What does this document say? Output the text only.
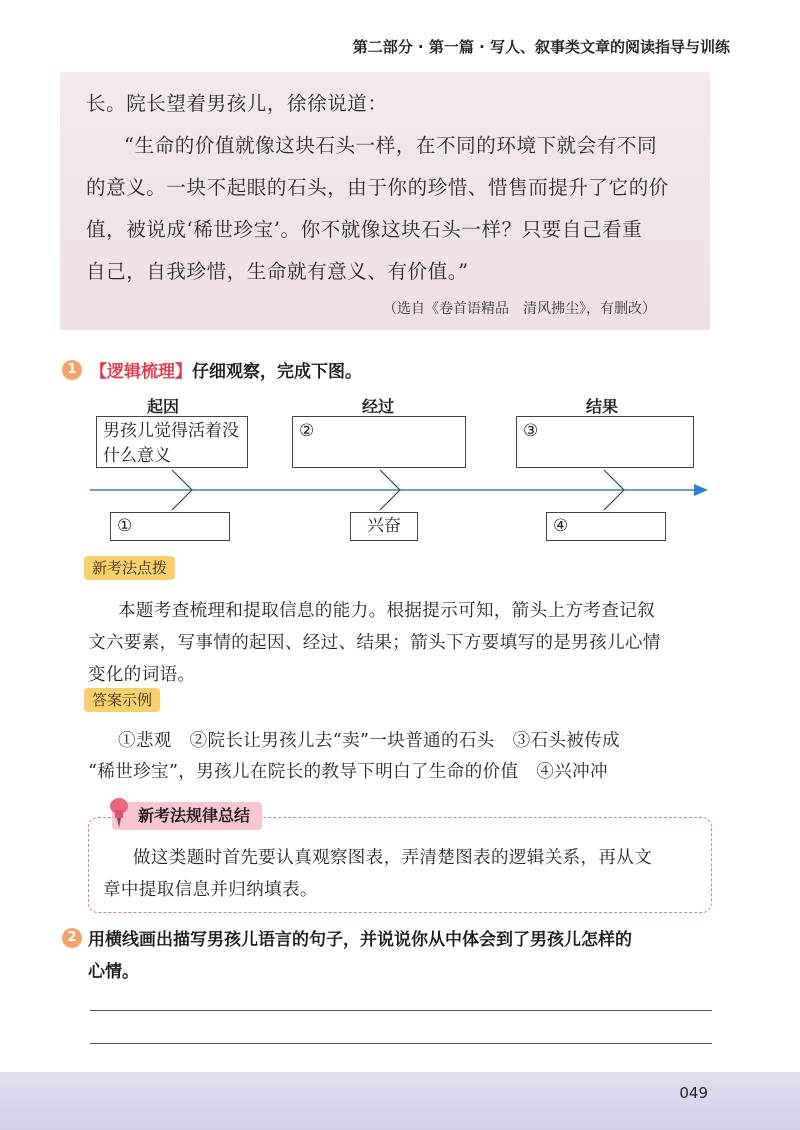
第二部分 · 第一篇 · 写人、叙事类文章的阅读指导与训练
长。院长望着男孩儿，徐徐说道：
“生命的价值就像这块石头一样，在不同的环境下就会有不同
的意义。一块不起眼的石头，由于你的珍惜、惜售而提升了它的价
值，被说成‘稀世珍宝’。你不就像这块石头一样？只要自己看重
自己，自我珍惜，生命就有意义、有价值。”
（选自《卷首语精品　清风拂尘》，有删改）
1 【逻辑梳理】仔细观察，完成下图。
起因	经过	结果
男孩儿觉得活着没什么意义
②	③
①	兴奋	④
新考法点拨
本题考查梳理和提取信息的能力。根据提示可知，箭头上方考查记叙
文六要素，写事情的起因、经过、结果；箭头下方要填写的是男孩儿心情
变化的词语。
答案示例
①悲观　②院长让男孩儿去“卖”一块普通的石头　③石头被传成
“稀世珍宝”，男孩儿在院长的教导下明白了生命的价值　④兴冲冲
做这类题时首先要认真观察图表，弄清楚图表的逻辑关系，再从文
章中提取信息并归纳填表。
新考法规律总结
2 用横线画出描写男孩儿语言的句子，并说说你从中体会到了男孩儿怎样的
心情。
049
